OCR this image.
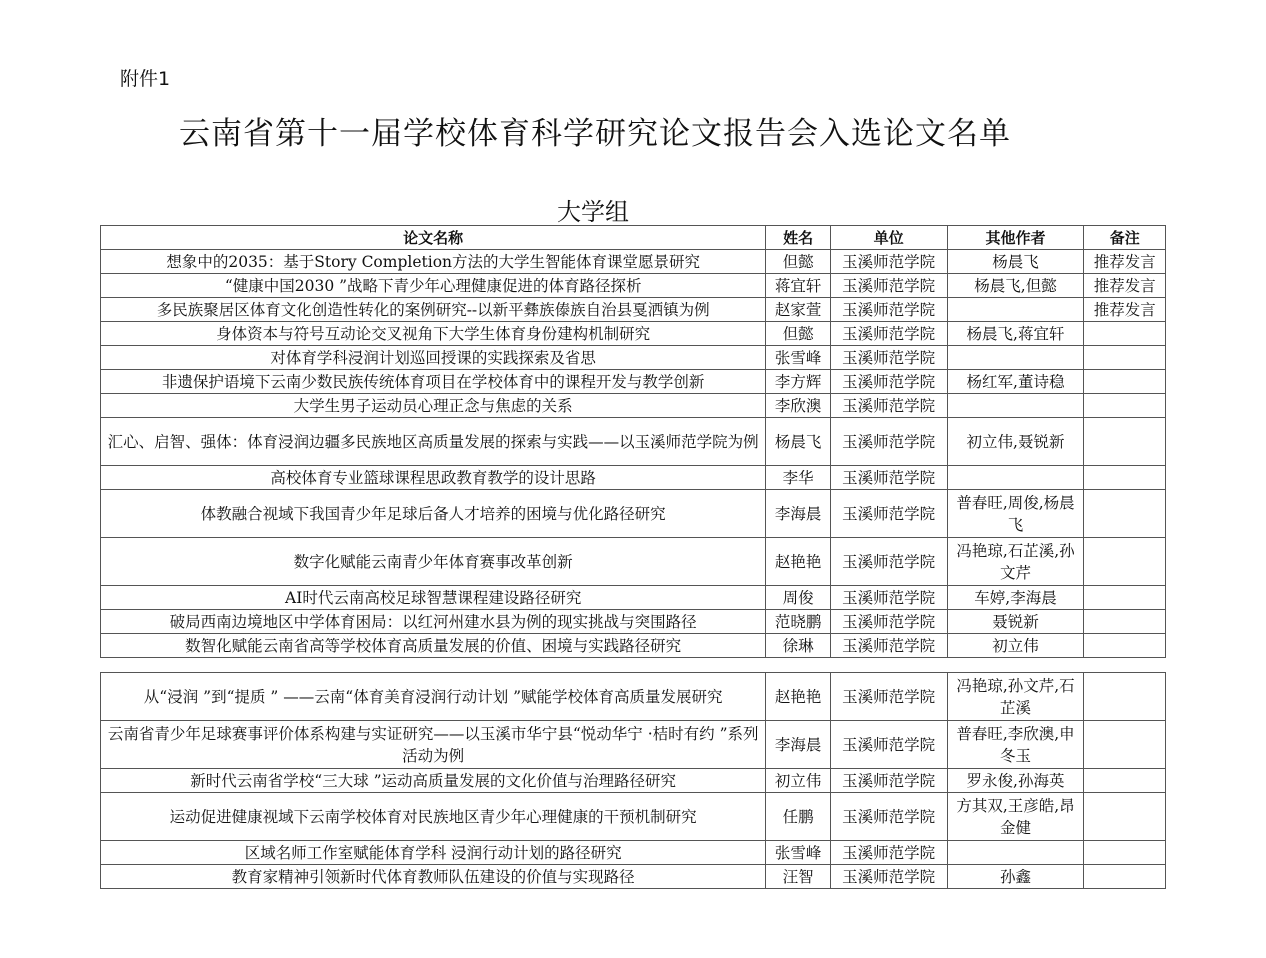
附件1
云南省第十一届学校体育科学研究论文报告会入选论文名单
大学组
论文名称	姓名	单位	其他作者	备注
想象中的2035：基于Story Completion方法的大学生智能体育课堂愿景研究	但懿	玉溪师范学院	杨晨飞	推荐发言
“健康中国2030 ”战略下青少年心理健康促进的体育路径探析	蒋宜轩	玉溪师范学院	杨晨飞,但懿	推荐发言
多民族聚居区体育文化创造性转化的案例研究--以新平彝族傣族自治县戛洒镇为例	赵家萱	玉溪师范学院		推荐发言
身体资本与符号互动论交叉视角下大学生体育身份建构机制研究	但懿	玉溪师范学院	杨晨飞,蒋宜轩	
对体育学科浸润计划巡回授课的实践探索及省思	张雪峰	玉溪师范学院		
非遗保护语境下云南少数民族传统体育项目在学校体育中的课程开发与教学创新	李方辉	玉溪师范学院	杨红军,董诗稳	
大学生男子运动员心理正念与焦虑的关系	李欣澳	玉溪师范学院		
汇心、启智、强体：体育浸润边疆多民族地区高质量发展的探索与实践——以玉溪师范学院为例	杨晨飞	玉溪师范学院	初立伟,聂锐新	
高校体育专业篮球课程思政教育教学的设计思路	李华	玉溪师范学院		
体教融合视域下我国青少年足球后备人才培养的困境与优化路径研究	李海晨	玉溪师范学院	普春旺,周俊,杨晨飞	
数字化赋能云南青少年体育赛事改革创新	赵艳艳	玉溪师范学院	冯艳琼,石芷溪,孙文芹	
AI时代云南高校足球智慧课程建设路径研究	周俊	玉溪师范学院	车婷,李海晨	
破局西南边境地区中学体育困局：以红河州建水县为例的现实挑战与突围路径	范晓鹏	玉溪师范学院	聂锐新	
数智化赋能云南省高等学校体育高质量发展的价值、困境与实践路径研究	徐琳	玉溪师范学院	初立伟	
从“浸润 ”到“提质 ” ——云南“体育美育浸润行动计划 ”赋能学校体育高质量发展研究	赵艳艳	玉溪师范学院	冯艳琼,孙文芹,石芷溪	
云南省青少年足球赛事评价体系构建与实证研究——以玉溪市华宁县“悦动华宁 ·桔时有约 ”系列活动为例	李海晨	玉溪师范学院	普春旺,李欣澳,申冬玉	
新时代云南省学校“三大球 ”运动高质量发展的文化价值与治理路径研究	初立伟	玉溪师范学院	罗永俊,孙海英	
运动促进健康视域下云南学校体育对民族地区青少年心理健康的干预机制研究	任鹏	玉溪师范学院	方其双,王彦皓,昂金健	
区域名师工作室赋能体育学科 浸润行动计划的路径研究	张雪峰	玉溪师范学院		
教育家精神引领新时代体育教师队伍建设的价值与实现路径	汪智	玉溪师范学院	孙鑫	
